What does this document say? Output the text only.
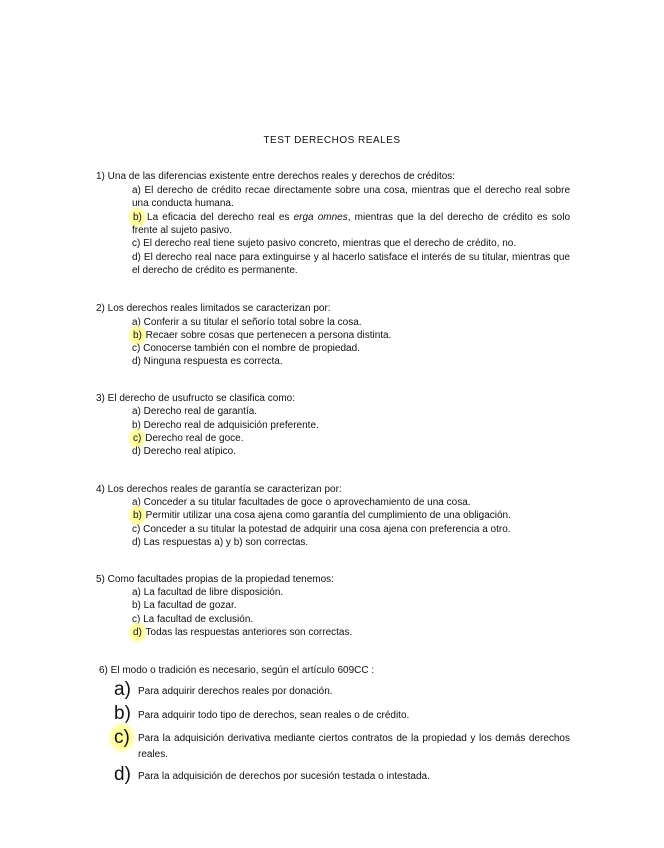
TEST DERECHOS REALES
1) Una de las diferencias existente entre derechos reales y derechos de créditos:
a) El derecho de crédito recae directamente sobre una cosa, mientras que el derecho real sobre una conducta humana.
b) La eficacia del derecho real es erga omnes, mientras que la del derecho de crédito es solo frente al sujeto pasivo.
c) El derecho real tiene sujeto pasivo concreto, mientras que el derecho de crédito, no.
d) El derecho real nace para extinguirse y al hacerlo satisface el interés de su titular, mientras que el derecho de crédito es permanente.
2) Los derechos reales limitados se caracterizan por:
a) Conferir a su titular el señorío total sobre la cosa.
b) Recaer sobre cosas que pertenecen a persona distinta.
c) Conocerse también con el nombre de propiedad.
d) Ninguna respuesta es correcta.
3) El derecho de usufructo se clasifica como:
a) Derecho real de garantía.
b) Derecho real de adquisición preferente.
c) Derecho real de goce.
d) Derecho real atípico.
4) Los derechos reales de garantía se caracterizan por:
a) Conceder a su titular facultades de goce o aprovechamiento de una cosa.
b) Permitir utilizar una cosa ajena como garantía del cumplimiento de una obligación.
c) Conceder a su titular la potestad de adquirir una cosa ajena con preferencia a otro.
d) Las respuestas a) y b) son correctas.
5) Como facultades propias de la propiedad tenemos:
a) La facultad de libre disposición.
b) La facultad de gozar.
c) La facultad de exclusión.
d) Todas las respuestas anteriores son correctas.
6) El modo o tradición es necesario, según el artículo 609CC :
a) Para adquirir derechos reales por donación.
b) Para adquirir todo tipo de derechos, sean reales o de crédito.
c) Para la adquisición derivativa mediante ciertos contratos de la propiedad y los demás derechos reales.
d) Para la adquisición de derechos por sucesión testada o intestada.
